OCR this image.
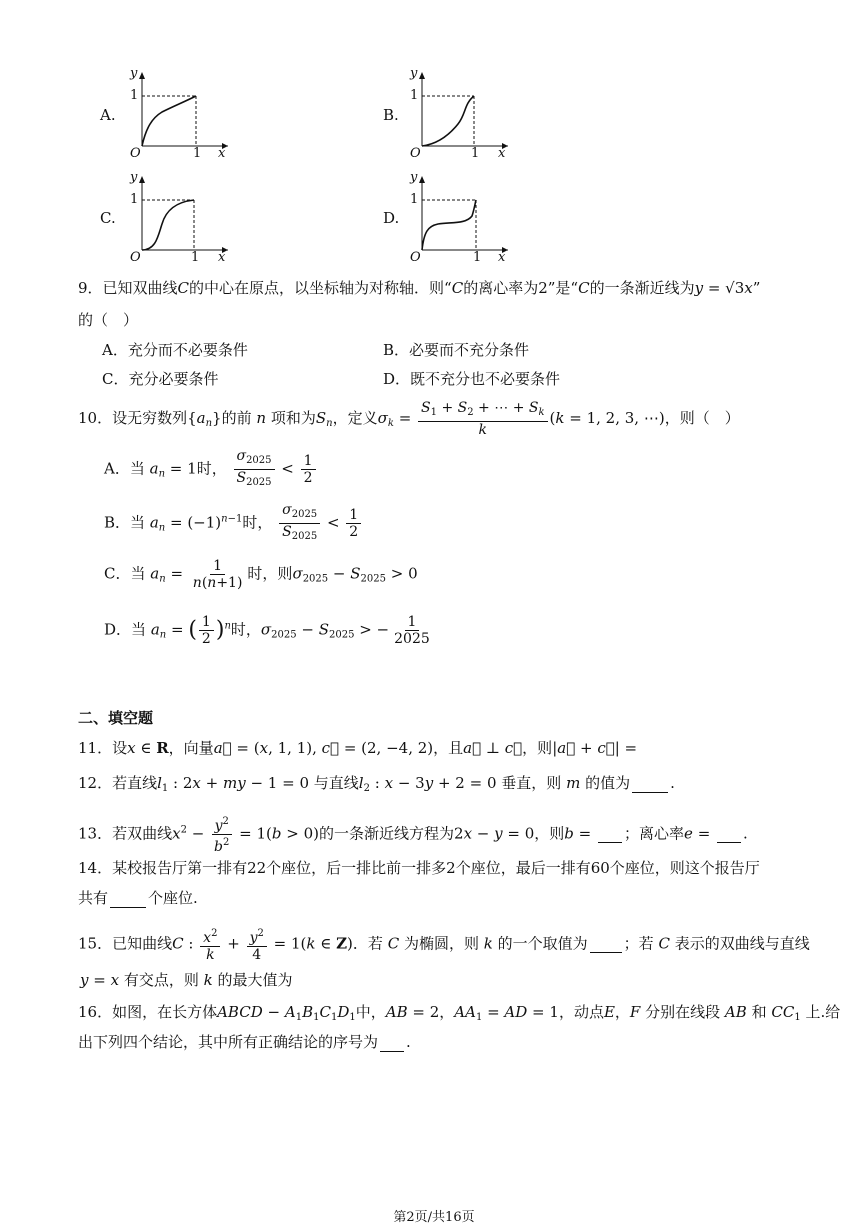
A.
y
1
O	1 x
B.
y
1
O	1 x
C.
y
1
O	1 x
D.
y
1
O	1 x
9．已知双曲线C的中心在原点，以坐标轴为对称轴．则“C的离心率为2”是“C的一条渐近线为y = √3x”
的（　）
A．充分而不必要条件	B．必要而不充分条件
C．充分必要条件	D．既不充分也不必要条件
10．设无穷数列$\{a_n\}$的前 n 项和为$S_n$，定义$\sigma_k = \frac{S_1 + S_2 + \cdots + S_k}{k} (k = 1$, 2, 3, ⋯)，则（　）
A．当 $a_n = 1$时， $\frac{\sigma_{2025}}{S_{2025}} < \frac{1}{2}$
B．当 $a_n = (-1)^{n-1}$时， $\frac{\sigma_{2025}}{S_{2025}} < \frac{1}{2}$
C．当 $a_n = \frac{1}{n(n+1)}$ 时，则$\sigma_{2025} - S_{2025} > 0$
D．当 $a_n$ = ( $\frac{1}{2} )^n$时，$\sigma_{2025} - S_{2025}$ > − $\frac{1}{2025}$
二、填空题
11．设x ∈ R，向量a⃗ = (x, 1, 1), c⃗ = (2, −4, 2)，且a⃗ ⊥ c⃗，则|a⃗ + c⃗| =
12．若直线$l_1$ : 2x + my − 1 = 0 与直线$l_2$ : x − 3y + 2 = 0 垂直，则 m 的值为	.
13．若双曲线$x^2 - \frac{y^2}{b^2} = 1(b > 0)$的一条渐近线方程为2x − y = 0，则b = ；离心率e = .
14．某校报告厅第一排有22个座位，后一排比前一排多2个座位，最后一排有60个座位，则这个报告厅
共有	个座位.
15．已知曲线C : $\frac{x^2}{k} + \frac{y^2}{4} = 1(k$ ∈ Z)．若 C 为椭圆，则 k 的一个取值为 ；若 C 表示的双曲线与直线
y = x 有交点，则 k 的最大值为
16．如图，在长方体ABCD − $A_1B_1C_1D_1$中，AB = 2，$AA_1$ = AD = 1，动点E，F 分别在线段 AB 和 $CC_1$ 上.给
出下列四个结论，其中所有正确结论的序号为 .
第2页/共16页
